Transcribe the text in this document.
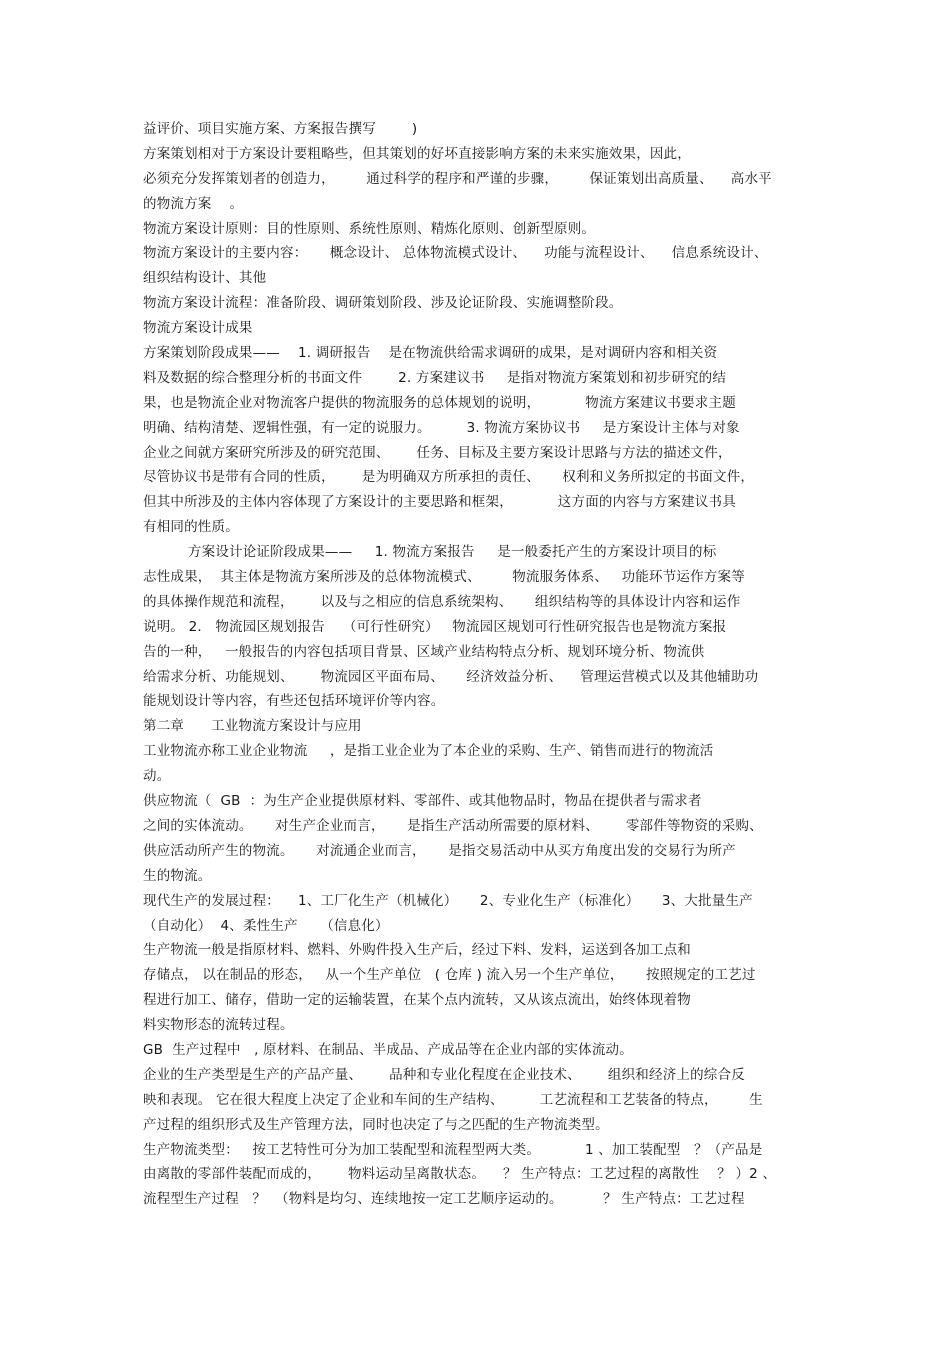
益评价、项目实施方案、方案报告撰写        )
方案策划相对于方案设计要粗略些，但其策划的好坏直接影响方案的未来实施效果，因此，
必须充分发挥策划者的创造力，       通过科学的程序和严谨的步骤，       保证策划出高质量、    高水平
的物流方案    。
物流方案设计原则：目的性原则、系统性原则、精炼化原则、创新型原则。
物流方案设计的主要内容：     概念设计、 总体物流模式设计、    功能与流程设计、    信息系统设计、
组织结构设计、其他
物流方案设计流程：准备阶段、调研策划阶段、涉及论证阶段、实施调整阶段。
物流方案设计成果
方案策划阶段成果——    1. 调研报告    是在物流供给需求调研的成果，是对调研内容和相关资
料及数据的综合整理分析的书面文件        2. 方案建议书     是指对物流方案策划和初步研究的结
果，也是物流企业对物流客户提供的物流服务的总体规划的说明，          物流方案建议书要求主题
明确、结构清楚、逻辑性强，有一定的说服力。        3. 物流方案协议书     是方案设计主体与对象
企业之间就方案研究所涉及的研究范围、      任务、目标及主要方案设计思路与方法的描述文件，
尽管协议书是带有合同的性质，      是为明确双方所承担的责任、     权利和义务所拟定的书面文件，
但其中所涉及的主体内容体现了方案设计的主要思路和框架，          这方面的内容与方案建议书具
有相同的性质。
方案设计论证阶段成果——     1. 物流方案报告     是一般委托产生的方案设计项目的标
志性成果，  其主体是物流方案所涉及的总体物流模式、       物流服务体系、   功能环节运作方案等
的具体操作规范和流程，      以及与之相应的信息系统架构、     组织结构等的具体设计内容和运作
说明。 2.   物流园区规划报告    （可行性研究）   物流园区规划可行性研究报告也是物流方案报
告的一种，   一般报告的内容包括项目背景、区域产业结构特点分析、规划环境分析、物流供
给需求分析、功能规划、      物流园区平面布局、     经济效益分析、    管理运营模式以及其他辅助功
能规划设计等内容，有些还包括环境评价等内容。
第二章      工业物流方案设计与应用
工业物流亦称工业企业物流     ，是指工业企业为了本企业的采购、生产、销售而进行的物流活
动。
供应物流（  GB  ：为生产企业提供原材料、零部件、或其他物品时，物品在提供者与需求者
之间的实体流动。     对生产企业而言，     是指生产活动所需要的原材料、      零部件等物资的采购、
供应活动所产生的物流。     对流通企业而言，     是指交易活动中从买方角度出发的交易行为所产
生的物流。
现代生产的发展过程：    1、工厂化生产（机械化）     2、专业化生产（标准化）     3、大批量生产
（自动化）  4、柔性生产     （信息化）
生产物流一般是指原材料、燃料、外购件投入生产后，经过下料、发料，运送到各加工点和
存储点， 以在制品的形态，   从一个生产单位   ( 仓库 ) 流入另一个生产单位，     按照规定的工艺过
程进行加工、储存，借助一定的运输装置，在某个点内流转，又从该点流出，始终体现着物
料实物形态的流转过程。
GB  生产过程中   , 原材料、在制品、半成品、产成品等在企业内部的实体流动。
企业的生产类型是生产的产品产量、      品种和专业化程度在企业技术、      组织和经济上的综合反
映和表现。 它在很大程度上决定了企业和车间的生产结构、        工艺流程和工艺装备的特点，       生
产过程的组织形式及生产管理方法，同时也决定了与之匹配的生产物流类型。
生产物流类型：   按工艺特性可分为加工装配型和流程型两大类。          1 、加工装配型   ？（产品是
由离散的零部件装配而成的，      物料运动呈离散状态。    ？ 生产特点：工艺过程的离散性    ？ ）2 、
流程型生产过程   ？  （物料是均匀、连续地按一定工艺顺序运动的。         ？ 生产特点：工艺过程
